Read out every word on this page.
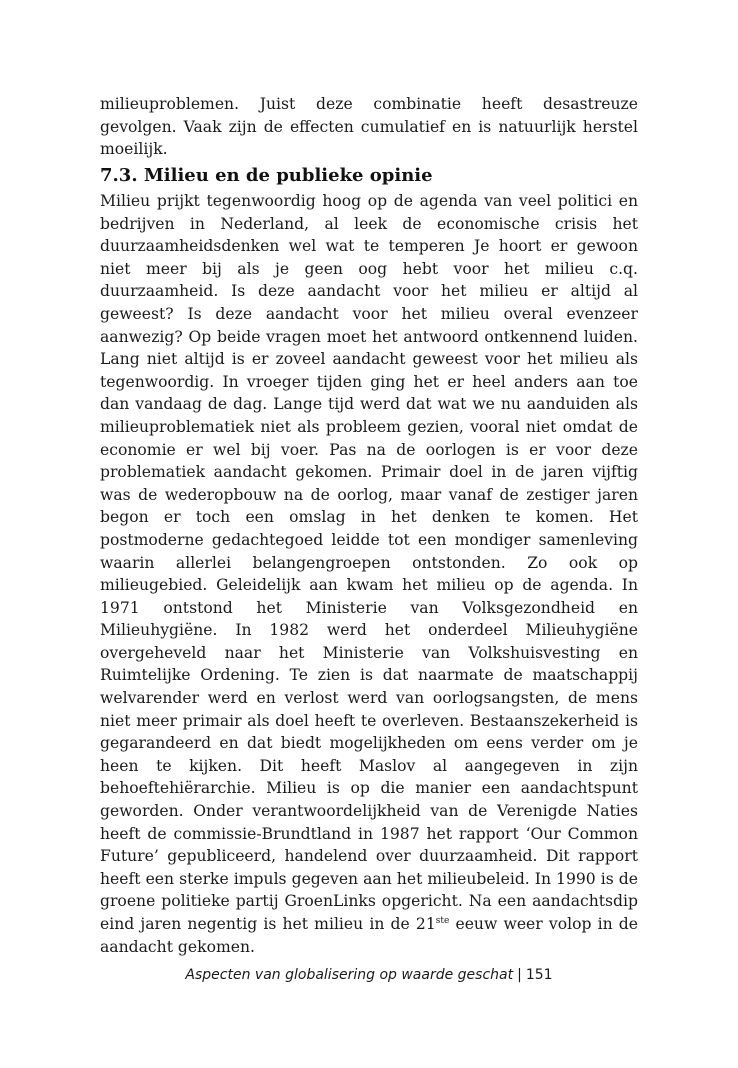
milieuproblemen. Juist deze combinatie heeft desastreuze gevolgen. Vaak zijn de effecten cumulatief en is natuurlijk herstel moeilijk.

7.3. Milieu en de publieke opinie

Milieu prijkt tegenwoordig hoog op de agenda van veel politici en bedrijven in Nederland, al leek de economische crisis het duurzaamheidsdenken wel wat te temperen Je hoort er gewoon niet meer bij als je geen oog hebt voor het milieu c.q. duurzaamheid. Is deze aandacht voor het milieu er altijd al geweest? Is deze aandacht voor het milieu overal evenzeer aanwezig? Op beide vragen moet het antwoord ontkennend luiden. Lang niet altijd is er zoveel aandacht geweest voor het milieu als tegenwoordig. In vroeger tijden ging het er heel anders aan toe dan vandaag de dag. Lange tijd werd dat wat we nu aanduiden als milieuproblematiek niet als probleem gezien, vooral niet omdat de economie er wel bij voer. Pas na de oorlogen is er voor deze problematiek aandacht gekomen. Primair doel in de jaren vijftig was de wederopbouw na de oorlog, maar vanaf de zestiger jaren begon er toch een omslag in het denken te komen. Het postmoderne gedachtegoed leidde tot een mondiger samenleving waarin allerlei belangengroepen ontstonden. Zo ook op milieugebied. Geleidelijk aan kwam het milieu op de agenda. In 1971 ontstond het Ministerie van Volksgezondheid en Milieuhygiëne. In 1982 werd het onderdeel Milieuhygiëne overgeheveld naar het Ministerie van Volkshuisvesting en Ruimtelijke Ordening. Te zien is dat naarmate de maatschappij welvarender werd en verlost werd van oorlogsangsten, de mens niet meer primair als doel heeft te overleven. Bestaanszekerheid is gegarandeerd en dat biedt mogelijkheden om eens verder om je heen te kijken. Dit heeft Maslov al aangegeven in zijn behoeftehiërarchie. Milieu is op die manier een aandachtspunt geworden. Onder verantwoordelijkheid van de Verenigde Naties heeft de commissie-Brundtland in 1987 het rapport ‘Our Common Future’ gepubliceerd, handelend over duurzaamheid. Dit rapport heeft een sterke impuls gegeven aan het milieubeleid. In 1990 is de groene politieke partij GroenLinks opgericht. Na een aandachtsdip eind jaren negentig is het milieu in de 21ste eeuw weer volop in de aandacht gekomen.

Aspecten van globalisering op waarde geschat | 151
